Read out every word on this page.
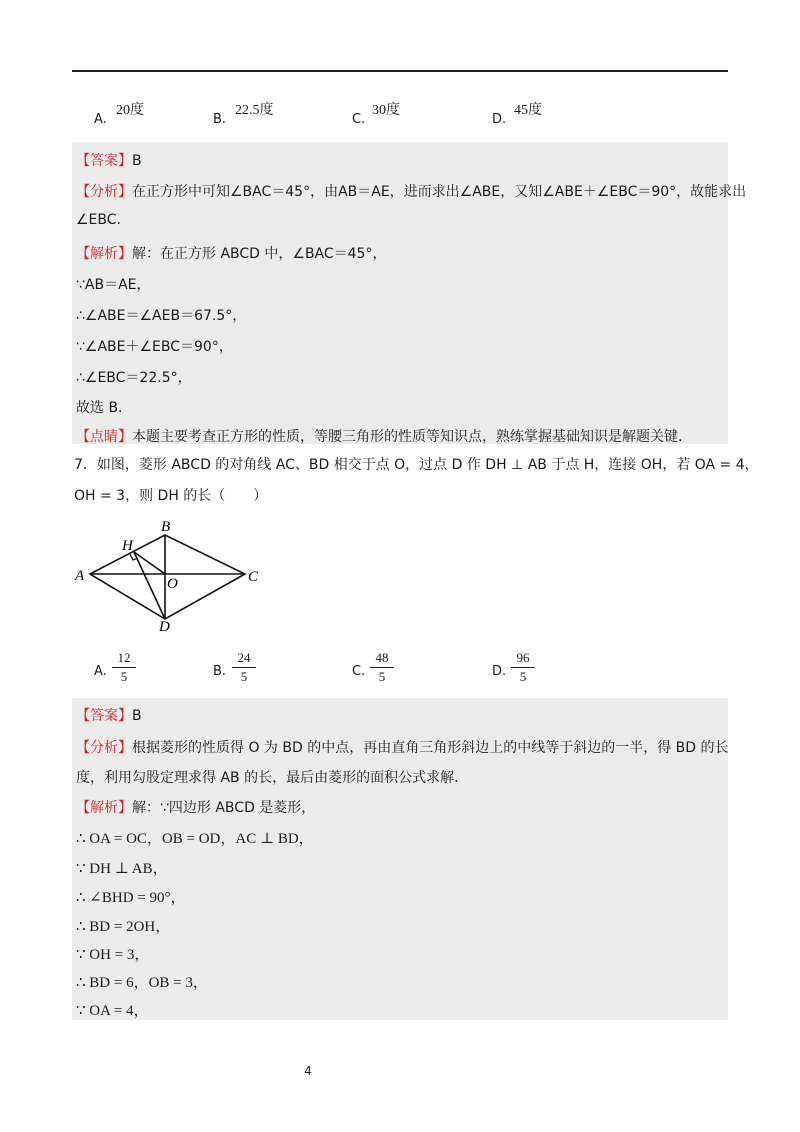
A.
20度
B.
22.5度
C.
30度
D.
45度
【答案】B
【分析】在正方形中可知∠BAC＝45°，由AB＝AE，进而求出∠ABE，又知∠ABE＋∠EBC＝90°，故能求出
∠EBC.
【解析】解：在正方形 ABCD 中，∠BAC＝45°，
∵AB＝AE，
∴∠ABE＝∠AEB＝67.5°，
∵∠ABE＋∠EBC＝90°，
∴∠EBC＝22.5°，
故选 B.
【点睛】本题主要考查正方形的性质，等腰三角形的性质等知识点，熟练掌握基础知识是解题关键.
7．如图，菱形 ABCD 的对角线 AC、BD 相交于点 O，过点 D 作 DH ⊥ AB 于点 H，连接 OH，若 OA = 4，
OH = 3，则 DH 的长（　　）
A
B
C
D
H
O
A.
12
5	B.
24
5	C.
48
5	D.
96
5
【答案】B
【分析】根据菱形的性质得 O 为 BD 的中点，再由直角三角形斜边上的中线等于斜边的一半，得 BD 的长
度，利用勾股定理求得 AB 的长，最后由菱形的面积公式求解.
【解析】解：∵四边形 ABCD 是菱形，
∴ OA = OC，OB = OD，AC ⊥ BD，
∵ DH ⊥ AB，
∴ ∠BHD = 90°，
∴ BD = 2OH，
∵ OH = 3，
∴ BD = 6，OB = 3，
∵ OA = 4，
4
